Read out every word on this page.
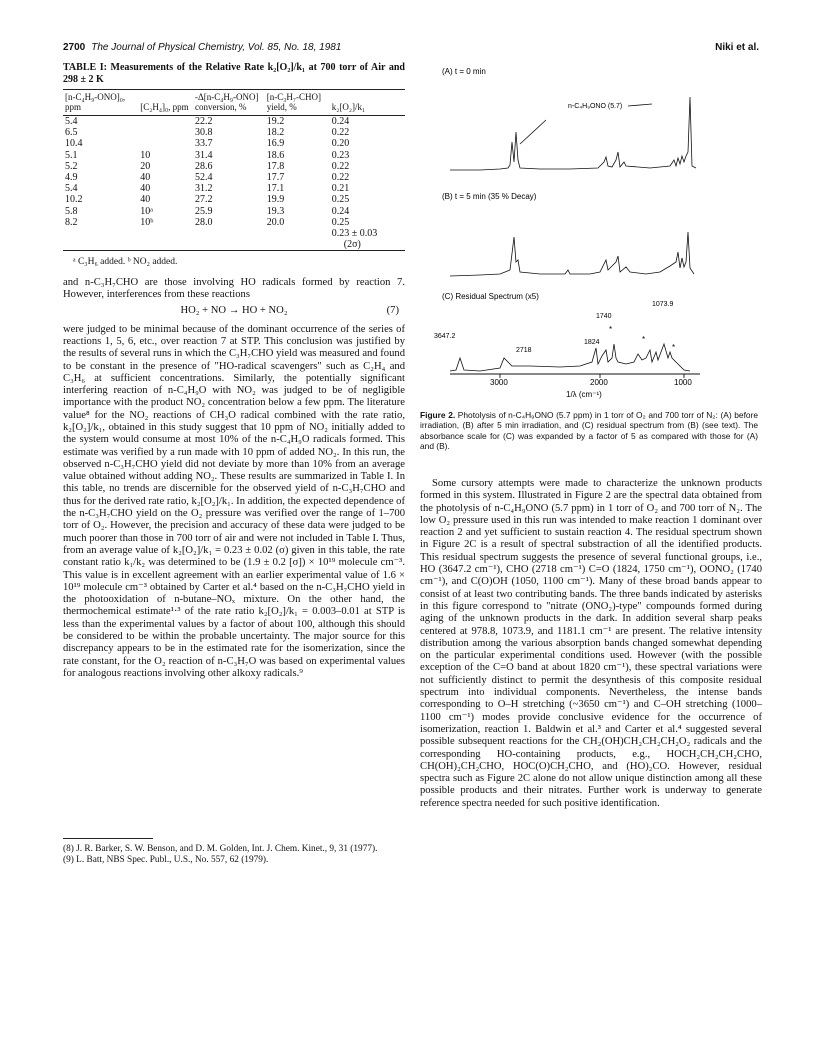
2700 The Journal of Physical Chemistry, Vol. 85, No. 18, 1981	Niki et al.
TABLE I: Measurements of the Relative Rate k₂[O₂]/k₁ at 700 torr of Air and 298 ± 2 K
[n-C₄H₉-ONO]₀, ppm	[C₂H₄]₀, ppm	-Δ[n-C₄H₉-ONO] conversion, %	[n-C₃H₇-CHO] yield, %	k₂[O₂]/k₁
5.4		22.2	19.2	0.24
6.5		30.8	18.2	0.22
10.4		33.7	16.9	0.20
5.1	10	31.4	18.6	0.23
5.2	20	28.6	17.8	0.22
4.9	40	52.4	17.7	0.22
5.4	40	31.2	17.1	0.21
10.2	40	27.2	19.9	0.25
5.8	10ᵃ	25.9	19.3	0.24
8.2	10ᵇ	28.0	20.0	0.25
				0.23 ± 0.03
				(2σ)
ᵃ C₃H₆ added. ᵇ NO₂ added.

and n-C₃H₇CHO are those involving HO radicals formed by reaction 7. However, interferences from these reactions

HO₂ + NO → HO + NO₂	(7)

were judged to be minimal because of the dominant occurrence of the series of reactions 1, 5, 6, etc., over reaction 7 at STP. This conclusion was justified by the results of several runs in which the C₃H₇CHO yield was measured and found to be constant in the presence of "HO-radical scavengers" such as C₂H₄ and C₃H₆ at sufficient concentrations. Similarly, the potentially significant interfering reaction of n-C₄H₉O with NO₂ was judged to be of negligible importance with the product NO₂ concentration below a few ppm. The literature value⁸ for the NO₂ reactions of CH₃O radical combined with the rate ratio, k₂[O₂]/k₁, obtained in this study suggest that 10 ppm of NO₂ initially added to the system would consume at most 10% of the n-C₄H₉O radicals formed. This estimate was verified by a run made with 10 ppm of added NO₂. In this run, the observed n-C₃H₇CHO yield did not deviate by more than 10% from an average value obtained without adding NO₂. These results are summarized in Table I. In this table, no trends are discernible for the observed yield of n-C₃H₇CHO and thus for the derived rate ratio, k₂[O₂]/k₁. In addition, the expected dependence of the n-C₃H₇CHO yield on the O₂ pressure was verified over the range of 1–700 torr of O₂. However, the precision and accuracy of these data were judged to be much poorer than those in 700 torr of air and were not included in Table I. Thus, from an average value of k₂[O₂]/k₁ = 0.23 ± 0.02 (σ) given in this table, the rate constant ratio k₁/k₂ was determined to be (1.9 ± 0.2 [σ]) × 10¹⁹ molecule cm⁻³. This value is in excellent agreement with an earlier experimental value of 1.6 × 10¹⁹ molecule cm⁻³ obtained by Carter et al.⁴ based on the n-C₃H₇CHO yield in the photooxidation of n-butane–NOₓ mixture. On the other hand, the thermochemical estimate¹·³ of the rate ratio k₂[O₂]/k₁ = 0.003–0.01 at STP is less than the experimental values by a factor of about 100, although this should be considered to be within the probable uncertainty. The major source for this discrepancy appears to be in the estimated rate for the isomerization, since the rate constant, for the O₂ reaction of n-C₃H₇O was based on experimental values for analogous reactions involving other alkoxy radicals.⁹

(8) J. R. Barker, S. W. Benson, and D. M. Golden, Int. J. Chem. Kinet., 9, 31 (1977).
(9) L. Batt, NBS Spec. Publ., U.S., No. 557, 62 (1979).
(A) t = 0 min
n-C₄H₉ONO (5.7)
(B) t = 5 min (35 % Decay)
(C) Residual Spectrum (x5)
3647.2
2718
1824
1740
1073.9
*
*
*
3000	2000	1000
1/λ (cm⁻¹)
Figure 2. Photolysis of n-C₄H₉ONO (5.7 ppm) in 1 torr of O₂ and 700 torr of N₂: (A) before irradiation, (B) after 5 min irradiation, and (C) residual spectrum from (B) (see text). The absorbance scale for (C) was expanded by a factor of 5 as compared with those for (A) and (B).

Some cursory attempts were made to characterize the unknown products formed in this system. Illustrated in Figure 2 are the spectral data obtained from the photolysis of n-C₄H₉ONO (5.7 ppm) in 1 torr of O₂ and 700 torr of N₂. The low O₂ pressure used in this run was intended to make reaction 1 dominant over reaction 2 and yet sufficient to sustain reaction 4. The residual spectrum shown in Figure 2C is a result of spectral substraction of all the identified products. This residual spectrum suggests the presence of several functional groups, i.e., HO (3647.2 cm⁻¹), CHO (2718 cm⁻¹) C=O (1824, 1750 cm⁻¹), OONO₂ (1740 cm⁻¹), and C(O)OH (1050, 1100 cm⁻¹). Many of these broad bands appear to consist of at least two contributing bands. The three bands indicated by asterisks in this figure correspond to "nitrate (ONO₂)-type" compounds formed during aging of the unknown products in the dark. In addition several sharp peaks centered at 978.8, 1073.9, and 1181.1 cm⁻¹ are present. The relative intensity distribution among the various absorption bands changed somewhat depending on the particular experimental conditions used. However (with the possible exception of the C=O band at about 1820 cm⁻¹), these spectral variations were not sufficiently distinct to permit the desynthesis of this composite residual spectrum into individual components. Nevertheless, the intense bands corresponding to O–H stretching (~3650 cm⁻¹) and C–OH stretching (1000–1100 cm⁻¹) modes provide conclusive evidence for the occurrence of isomerization, reaction 1. Baldwin et al.³ and Carter et al.⁴ suggested several possible subsequent reactions for the CH₂(OH)CH₂CH₂CH₂O₂ radicals and the corresponding HO-containing products, e.g., HOCH₂CH₂CH₂CHO, CH(OH)₂CH₂CHO, HOC(O)CH₂CHO, and (HO)₂CO. However, residual spectra such as Figure 2C alone do not allow unique distinction among all these possible products and their nitrates. Further work is underway to generate reference spectra needed for such positive identification.
